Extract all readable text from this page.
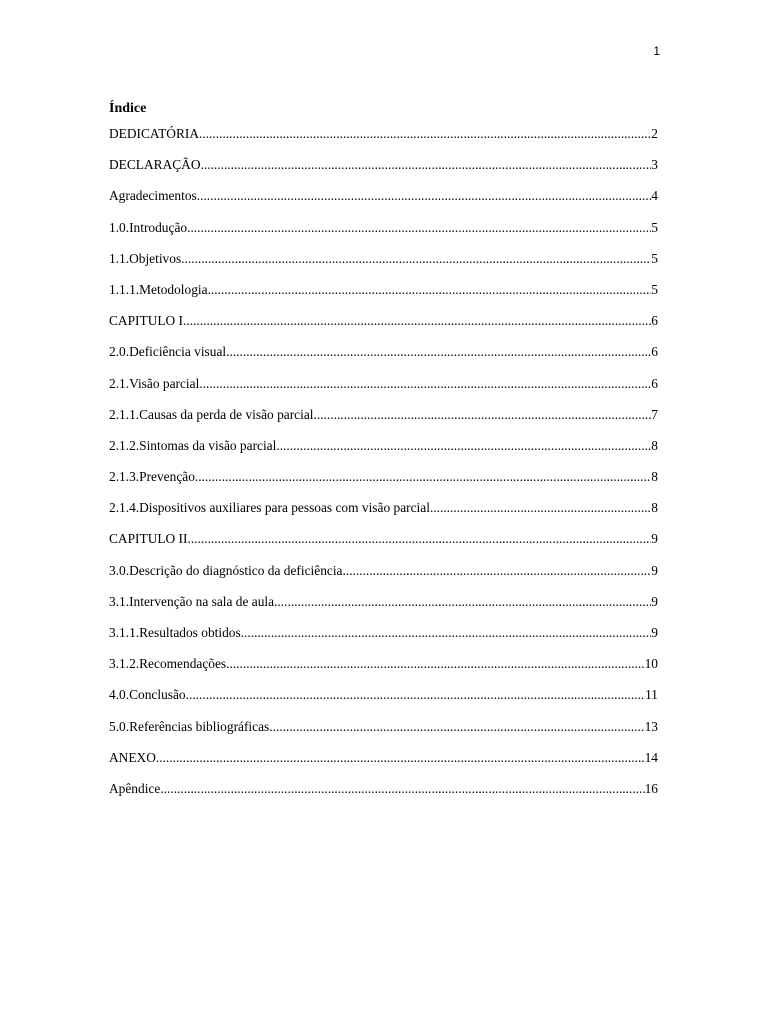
1
Índice
DEDICATÓRIA .....	2
DECLARAÇÃO .....	3
Agradecimentos .....	4
1.0.Introdução .....	5
1.1.Objetivos .....	5
1.1.1.Metodologia .....	5
CAPITULO I .....	6
2.0.Deficiência visual .....	6
2.1.Visão parcial .....	6
2.1.1.Causas da perda de visão parcial .....	7
2.1.2.Sintomas da visão parcial .....	8
2.1.3.Prevenção .....	8
2.1.4.Dispositivos auxiliares para pessoas com visão parcial .....	8
CAPITULO II .....	9
3.0.Descrição do diagnóstico da deficiência .....	9
3.1.Intervenção na sala de aula .....	9
3.1.1.Resultados obtidos .....	9
3.1.2.Recomendações .....	10
4.0.Conclusão .....	11
5.0.Referências bibliográficas .....	13
ANEXO .....	14
Apêndice .....	16
